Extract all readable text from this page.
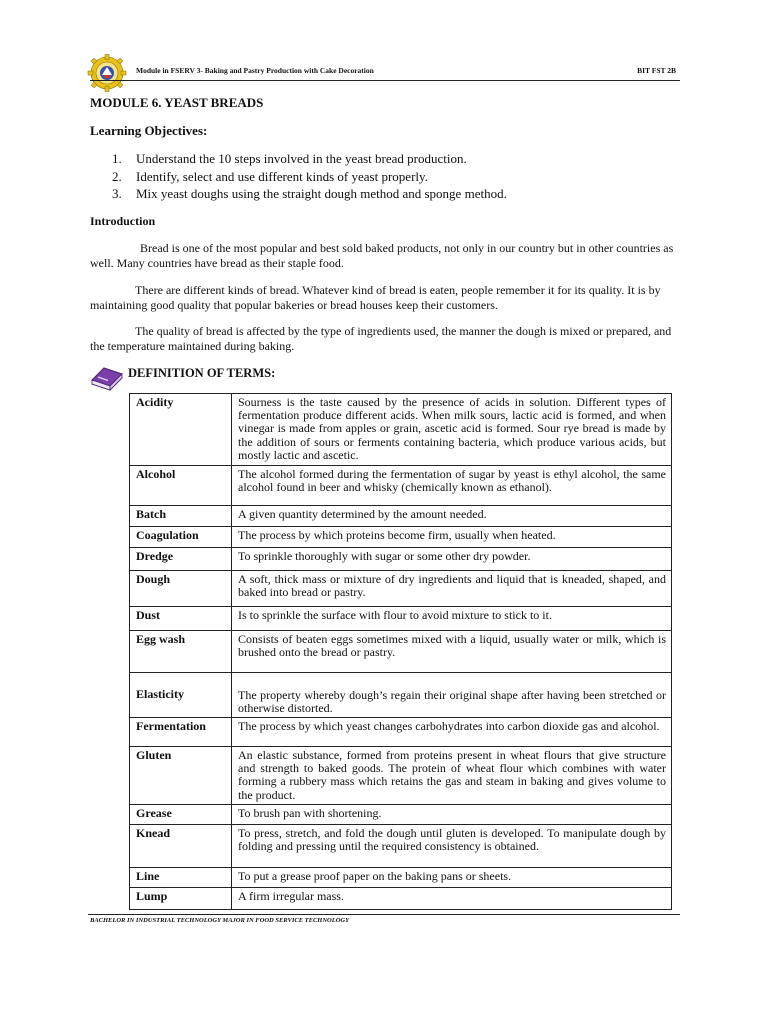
Module in FSERV 3- Baking and Pastry Production with Cake Decoration	BIT FST 2B
MODULE 6. YEAST BREADS
Learning Objectives:
1.	Understand the 10 steps involved in the yeast bread production.
2.	Identify, select and use different kinds of yeast properly.
3.	Mix yeast doughs using the straight dough method and sponge method.
Introduction

Bread is one of the most popular and best sold baked products, not only in our country but in other countries as well. Many countries have bread as their staple food.

There are different kinds of bread. Whatever kind of bread is eaten, people remember it for its quality. It is by maintaining good quality that popular bakeries or bread houses keep their customers.

The quality of bread is affected by the type of ingredients used, the manner the dough is mixed or prepared, and the temperature maintained during baking.

DEFINITION OF TERMS:
Acidity	Sourness is the taste caused by the presence of acids in solution. Different types of fermentation produce different acids. When milk sours, lactic acid is formed, and when vinegar is made from apples or grain, ascetic acid is formed. Sour rye bread is made by the addition of sours or ferments containing bacteria, which produce various acids, but mostly lactic and ascetic.
Alcohol	The alcohol formed during the fermentation of sugar by yeast is ethyl alcohol, the same alcohol found in beer and whisky (chemically known as ethanol).
Batch	A given quantity determined by the amount needed.
Coagulation	The process by which proteins become firm, usually when heated.
Dredge	To sprinkle thoroughly with sugar or some other dry powder.
Dough	A soft, thick mass or mixture of dry ingredients and liquid that is kneaded, shaped, and baked into bread or pastry.
Dust	Is to sprinkle the surface with flour to avoid mixture to stick to it.
Egg wash	Consists of beaten eggs sometimes mixed with a liquid, usually water or milk, which is brushed onto the bread or pastry.
Elasticity	The property whereby dough’s regain their original shape after having been stretched or otherwise distorted.
Fermentation	The process by which yeast changes carbohydrates into carbon dioxide gas and alcohol.
Gluten	An elastic substance, formed from proteins present in wheat flours that give structure and strength to baked goods. The protein of wheat flour which combines with water forming a rubbery mass which retains the gas and steam in baking and gives volume to the product.
Grease	To brush pan with shortening.
Knead	To press, stretch, and fold the dough until gluten is developed. To manipulate dough by folding and pressing until the required consistency is obtained.
Line	To put a grease proof paper on the baking pans or sheets.
Lump	A firm irregular mass.
BACHELOR IN INDUSTRIAL TECHNOLOGY MAJOR IN FOOD SERVICE TECHNOLOGY
